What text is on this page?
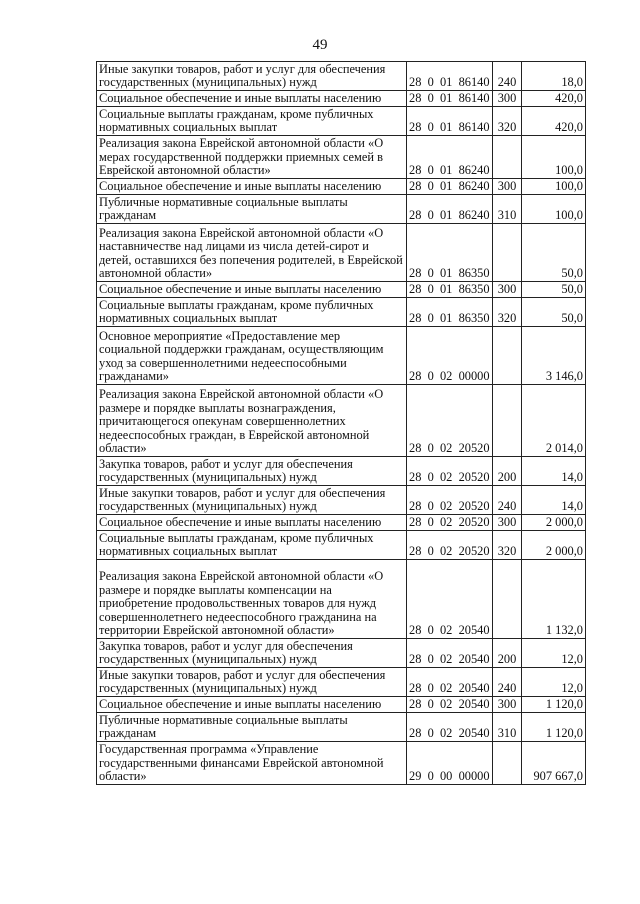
49
Иные закупки товаров, работ и услуг для обеспечения государственных (муниципальных) нужд	28  0  01  86140	240	18,0
Социальное обеспечение и иные выплаты населению	28  0  01  86140	300	420,0
Социальные выплаты гражданам, кроме публичных нормативных социальных выплат	28  0  01  86140	320	420,0
Реализация закона Еврейской автономной области «О мерах государственной поддержки приемных семей в Еврейской автономной области»	28  0  01  86240		100,0
Социальное обеспечение и иные выплаты населению	28  0  01  86240	300	100,0
Публичные нормативные социальные выплаты гражданам	28  0  01  86240	310	100,0
Реализация закона Еврейской автономной области «О наставничестве над лицами из числа детей-сирот и детей, оставшихся без попечения родителей, в Еврейской автономной области»	28  0  01  86350		50,0
Социальное обеспечение и иные выплаты населению	28  0  01  86350	300	50,0
Социальные выплаты гражданам, кроме публичных нормативных социальных выплат	28  0  01  86350	320	50,0
Основное мероприятие «Предоставление мер социальной поддержки гражданам, осуществляющим уход за совершеннолетними недееспособными гражданами»	28  0  02  00000		3 146,0
Реализация закона Еврейской автономной области «О размере и порядке выплаты вознаграждения, причитающегося опекунам совершеннолетних недееспособных граждан, в Еврейской автономной области»	28  0  02  20520		2 014,0
Закупка товаров, работ и услуг для обеспечения государственных (муниципальных) нужд	28  0  02  20520	200	14,0
Иные закупки товаров, работ и услуг для обеспечения государственных (муниципальных) нужд	28  0  02  20520	240	14,0
Социальное обеспечение и иные выплаты населению	28  0  02  20520	300	2 000,0
Социальные выплаты гражданам, кроме публичных нормативных социальных выплат	28  0  02  20520	320	2 000,0
Реализация закона Еврейской автономной области «О размере и порядке выплаты компенсации на приобретение продовольственных товаров для нужд совершеннолетнего недееспособного гражданина на территории Еврейской автономной области»	28  0  02  20540		1 132,0
Закупка товаров, работ и услуг для обеспечения государственных (муниципальных) нужд	28  0  02  20540	200	12,0
Иные закупки товаров, работ и услуг для обеспечения государственных (муниципальных) нужд	28  0  02  20540	240	12,0
Социальное обеспечение и иные выплаты населению	28  0  02  20540	300	1 120,0
Публичные нормативные социальные выплаты гражданам	28  0  02  20540	310	1 120,0
Государственная программа «Управление государственными финансами Еврейской автономной области»	29  0  00  00000		907 667,0
